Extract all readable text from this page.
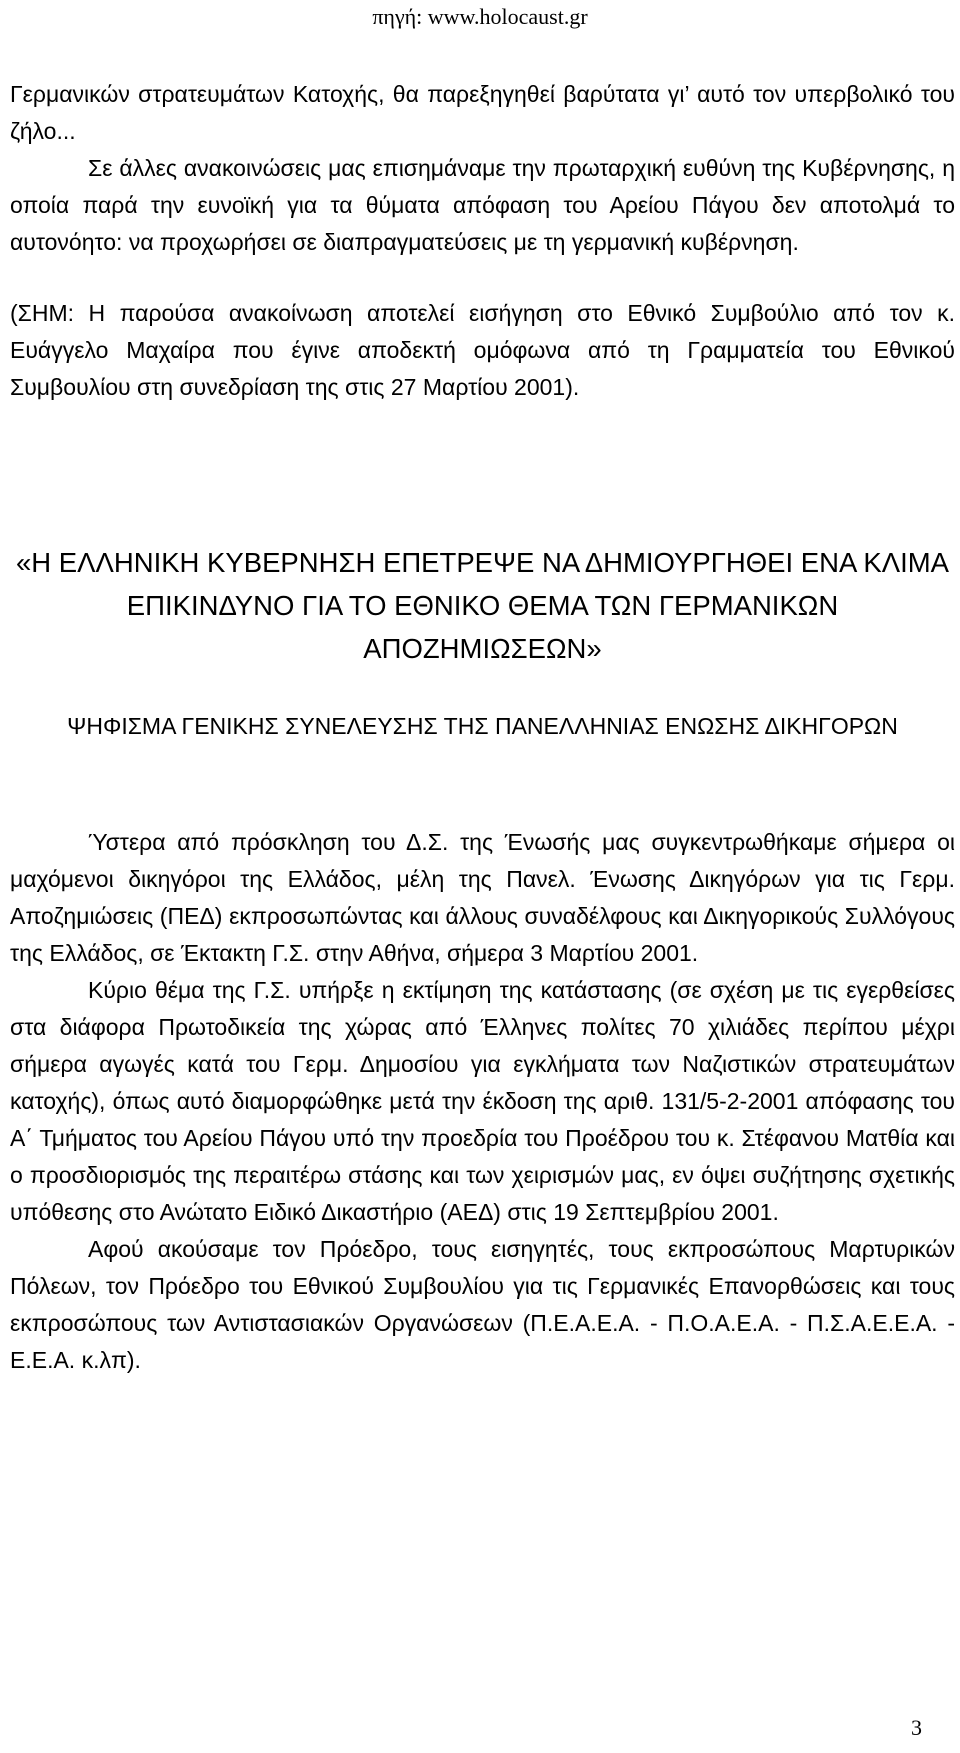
πηγή: www.holocaust.gr

Γερμανικών στρατευμάτων Κατοχής, θα παρεξηγηθεί βαρύτατα γι’ αυτό τον υπερβολικό του ζήλο...

Σε άλλες ανακοινώσεις μας επισημάναμε την πρωταρχική ευθύνη της Κυβέρνησης, η οποία παρά την ευνοϊκή για τα θύματα απόφαση του Αρείου Πάγου δεν αποτολμά το αυτονόητο: να προχωρήσει σε διαπραγματεύσεις με τη γερμανική κυβέρνηση.

(ΣΗΜ: Η παρούσα ανακοίνωση αποτελεί εισήγηση στο Εθνικό Συμβούλιο από τον κ. Ευάγγελο Μαχαίρα που έγινε αποδεκτή ομόφωνα από τη Γραμματεία του Εθνικού Συμβουλίου στη συνεδρίαση της στις 27 Μαρτίου 2001).

«Η ΕΛΛΗΝΙΚΗ ΚΥΒΕΡΝΗΣΗ ΕΠΕΤΡΕΨΕ ΝΑ ΔΗΜΙΟΥΡΓΗΘΕΙ ΕΝΑ ΚΛΙΜΑ ΕΠΙΚΙΝΔΥΝΟ ΓΙΑ ΤΟ ΕΘΝΙΚΟ ΘΕΜΑ ΤΩΝ ΓΕΡΜΑΝΙΚΩΝ ΑΠΟΖΗΜΙΩΣΕΩΝ»

ΨΗΦΙΣΜΑ ΓΕΝΙΚΗΣ ΣΥΝΕΛΕΥΣΗΣ ΤΗΣ ΠΑΝΕΛΛΗΝΙΑΣ ΕΝΩΣΗΣ ΔΙΚΗΓΟΡΩΝ

Ύστερα από πρόσκληση του Δ.Σ. της Ένωσής μας συγκεντρωθήκαμε σήμερα οι μαχόμενοι δικηγόροι της Ελλάδος, μέλη της Πανελ. Ένωσης Δικηγόρων για τις Γερμ. Αποζημιώσεις (ΠΕΔ) εκπροσωπώντας και άλλους συναδέλφους και Δικηγορικούς Συλλόγους της Ελλάδος, σε Έκτακτη Γ.Σ. στην Αθήνα, σήμερα 3 Μαρτίου 2001.

Κύριο θέμα της Γ.Σ. υπήρξε η εκτίμηση της κατάστασης (σε σχέση με τις εγερθείσες στα διάφορα Πρωτοδικεία της χώρας από Έλληνες πολίτες 70 χιλιάδες περίπου μέχρι σήμερα αγωγές κατά του Γερμ. Δημοσίου για εγκλήματα των Ναζιστικών στρατευμάτων κατοχής), όπως αυτό διαμορφώθηκε μετά την έκδοση της αριθ. 131/5-2-2001 απόφασης του Α΄ Τμήματος του Αρείου Πάγου υπό την προεδρία του Προέδρου του κ. Στέφανου Ματθία και ο προσδιορισμός της περαιτέρω στάσης και των χειρισμών μας, εν όψει συζήτησης σχετικής υπόθεσης στο Ανώτατο Ειδικό Δικαστήριο (ΑΕΔ) στις 19 Σεπτεμβρίου 2001.

Αφού ακούσαμε τον Πρόεδρο, τους εισηγητές, τους εκπροσώπους Μαρτυρικών Πόλεων, τον Πρόεδρο του Εθνικού Συμβουλίου για τις Γερμανικές Επανορθώσεις και τους εκπροσώπους των Αντιστασιακών Οργανώσεων (Π.Ε.Α.Ε.Α. - Π.Ο.Α.Ε.Α. - Π.Σ.Α.Ε.Ε.Α. - Ε.Ε.Α. κ.λπ).

3
